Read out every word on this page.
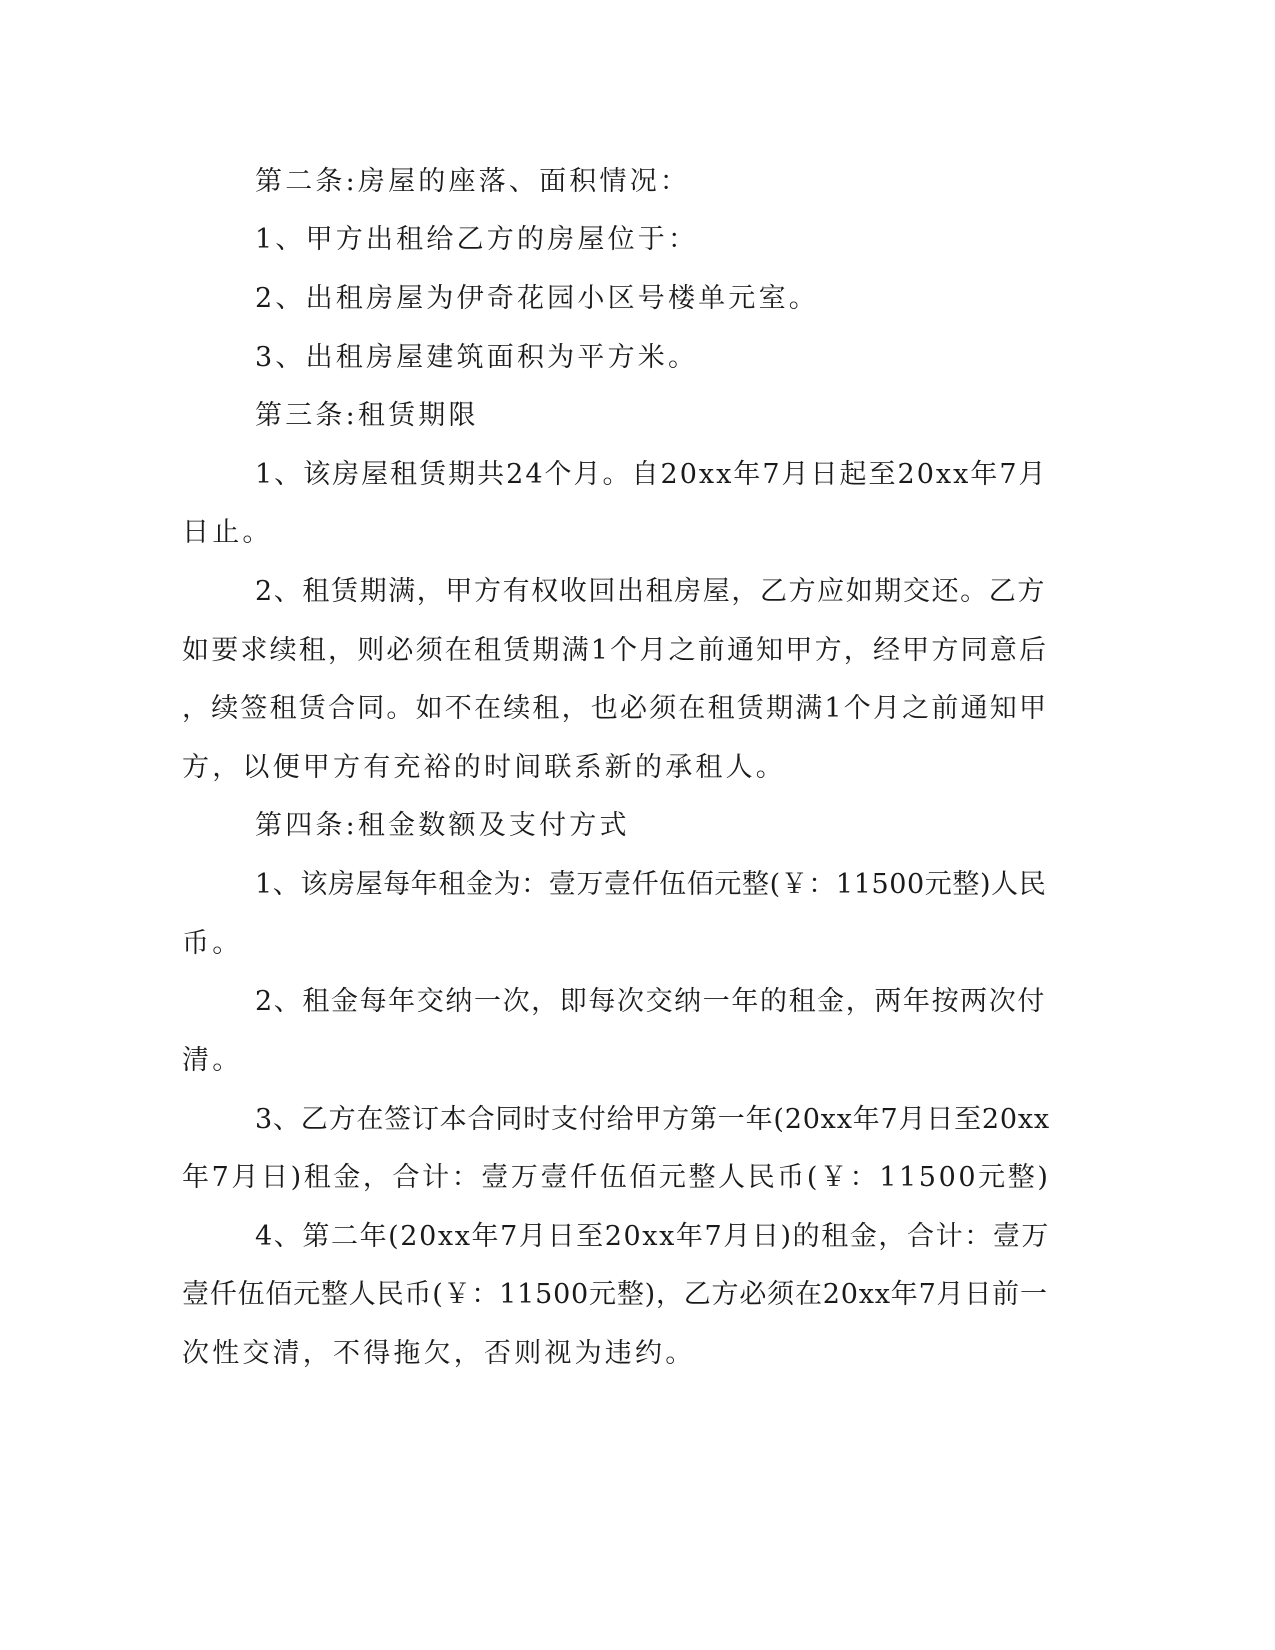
第二条:房屋的座落、面积情况：
1、甲方出租给乙方的房屋位于：
2、出租房屋为伊奇花园小区号楼单元室。
3、出租房屋建筑面积为平方米。
第三条:租赁期限
1、该房屋租赁期共24个月。自20xx年7月日起至20xx年7月
日止。
2、租赁期满，甲方有权收回出租房屋，乙方应如期交还。乙方
如要求续租，则必须在租赁期满1个月之前通知甲方，经甲方同意后
，续签租赁合同。如不在续租，也必须在租赁期满1个月之前通知甲
方，以便甲方有充裕的时间联系新的承租人。
第四条:租金数额及支付方式
1、该房屋每年租金为：壹万壹仟伍佰元整(￥：11500元整)人民
币。
2、租金每年交纳一次，即每次交纳一年的租金，两年按两次付
清。
3、乙方在签订本合同时支付给甲方第一年(20xx年7月日至20xx
年7月日)租金，合计：壹万壹仟伍佰元整人民币(￥：11500元整)
4、第二年(20xx年7月日至20xx年7月日)的租金，合计：壹万
壹仟伍佰元整人民币(￥：11500元整)，乙方必须在20xx年7月日前一
次性交清，不得拖欠，否则视为违约。
